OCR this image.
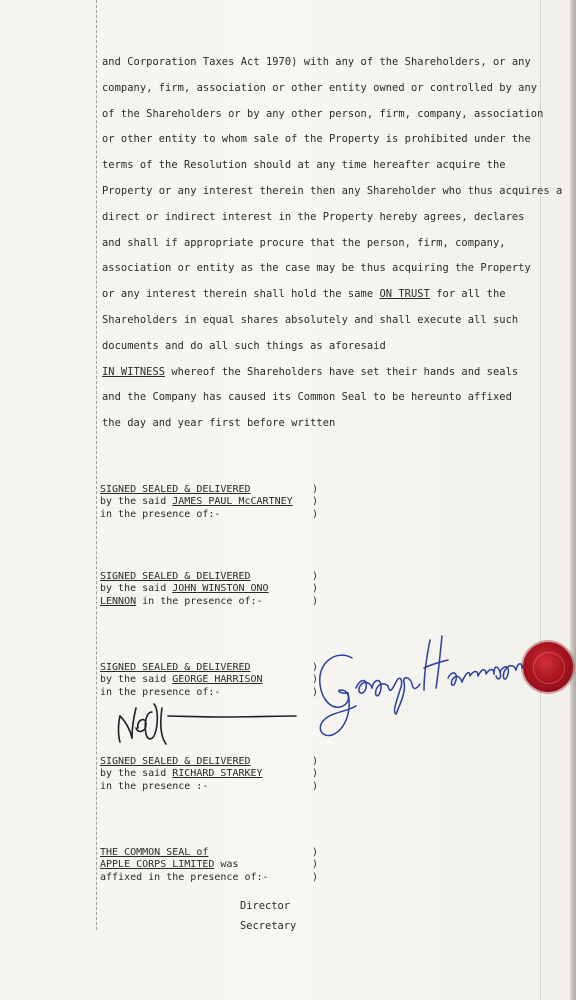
and Corporation Taxes Act 1970) with any of the Shareholders, or any
company, firm, association or other entity owned or controlled by any
of the Shareholders or by any other person, firm, company, association
or other entity to whom sale of the Property is prohibited under the
terms of the Resolution should at any time hereafter acquire the
Property or any interest therein then any Shareholder who thus acquires a
direct or indirect interest in the Property hereby agrees, declares
and shall if appropriate procure that the person, firm, company,
association or entity as the case may be thus acquiring the Property
or any interest therein shall hold the same ON TRUST for all the
Shareholders in equal shares absolutely and shall execute all such
documents and do all such things as aforesaid
IN WITNESS whereof the Shareholders have set their hands and seals
and the Company has caused its Common Seal to be hereunto affixed
the day and year first before written
SIGNED SEALED & DELIVERED	)
by the said JAMES PAUL McCARTNEY )
in the presence of:-	)
SIGNED SEALED & DELIVERED	)
by the said JOHN WINSTON ONO	)
LENNON in the presence of:-	)
SIGNED SEALED & DELIVERED	)
by the said GEORGE HARRISON	)
in the presence of:-	)
SIGNED SEALED & DELIVERED	)
by the said RICHARD STARKEY	)
in the presence :-	)
THE COMMON SEAL of	)
APPLE CORPS LIMITED was	)
affixed in the presence of:-	)
Director
Secretary
